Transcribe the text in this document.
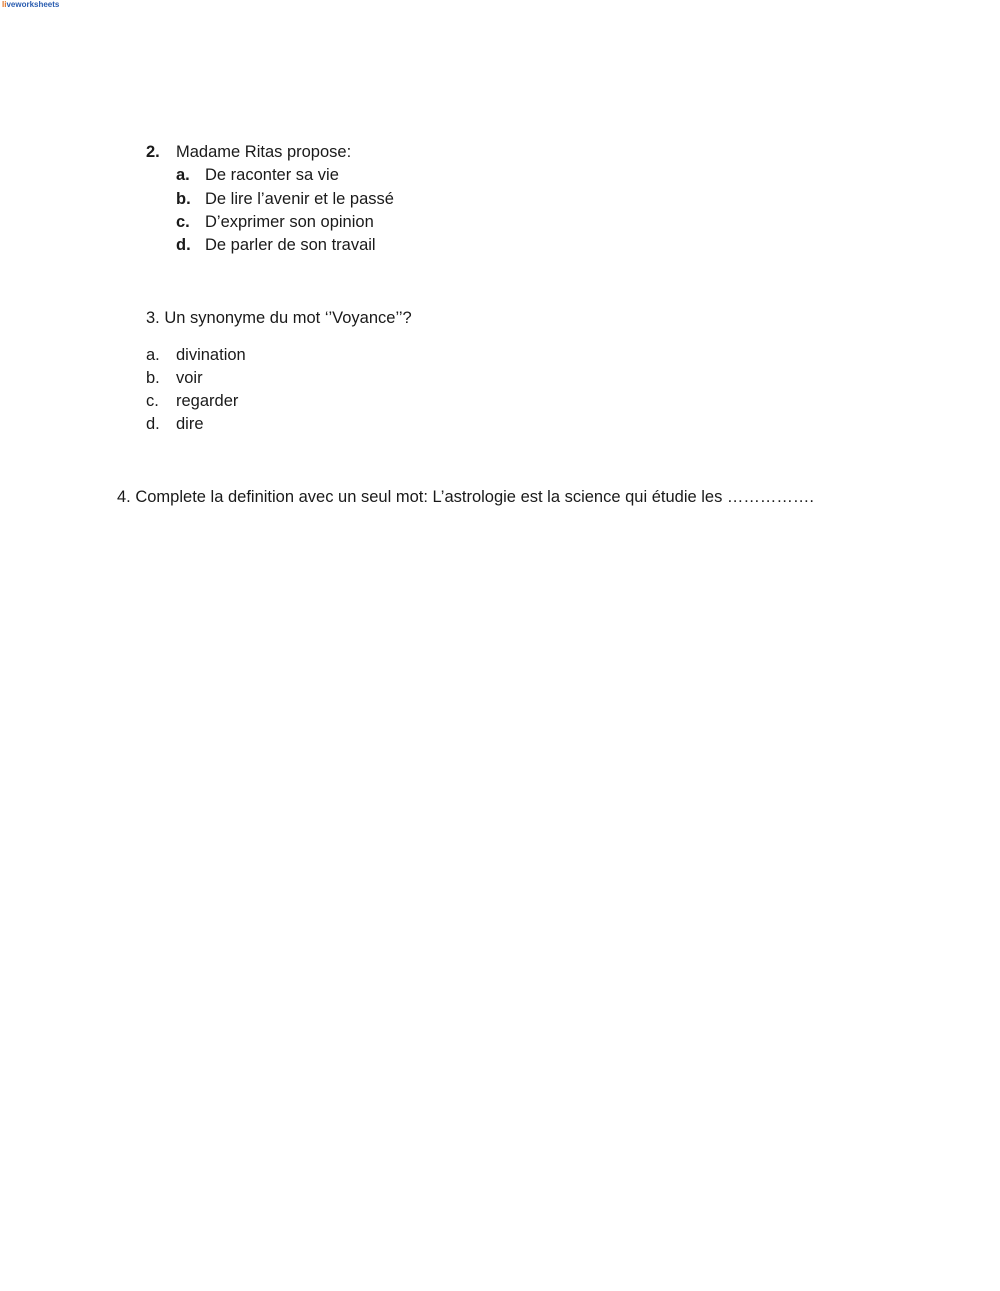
liveworksheets
2. Madame Ritas propose:
a. De raconter sa vie
b. De lire l’avenir et le passé
c. D’exprimer son opinion
d. De parler de son travail
3. Un synonyme du mot ‘’Voyance’’?
a. divination
b. voir
c. regarder
d. dire
4. Complete la definition avec un seul mot: L’astrologie est la science qui étudie les …………….
